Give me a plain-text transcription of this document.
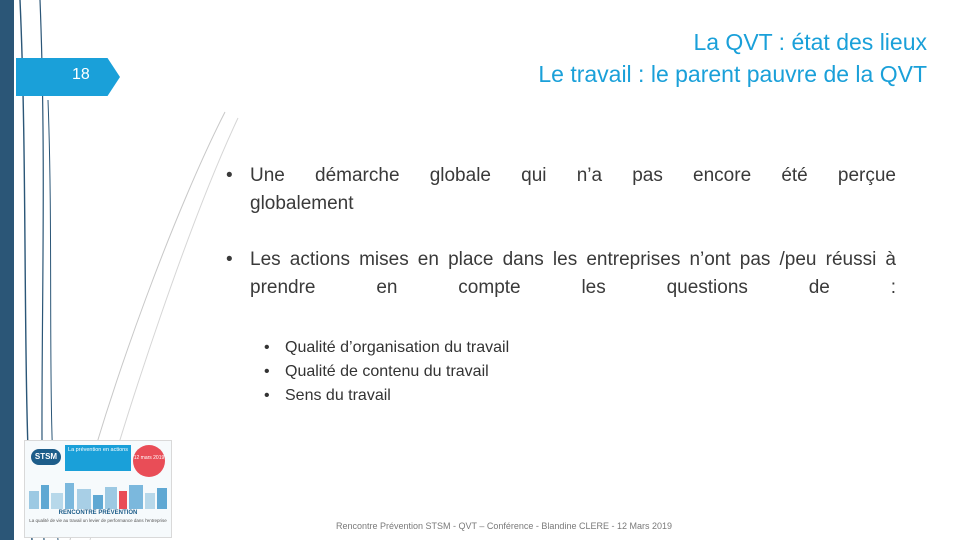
18
La QVT : état des lieux
Le travail : le parent pauvre de la QVT
• Une démarche globale qui n’a pas encore été perçue
globalement
• Les actions mises en place dans les entreprises n’ont pas /peu réussi à prendre en compte les questions de :
• Qualité d’organisation du travail
• Qualité de contenu du travail
• Sens du travail
STSM
La prévention en actions
12 mars 2019
RENCONTRE PRÉVENTION
La qualité de vie au travail un levier de performance dans l'entreprise
Rencontre Prévention STSM - QVT – Conférence - Blandine CLERE - 12 Mars 2019
